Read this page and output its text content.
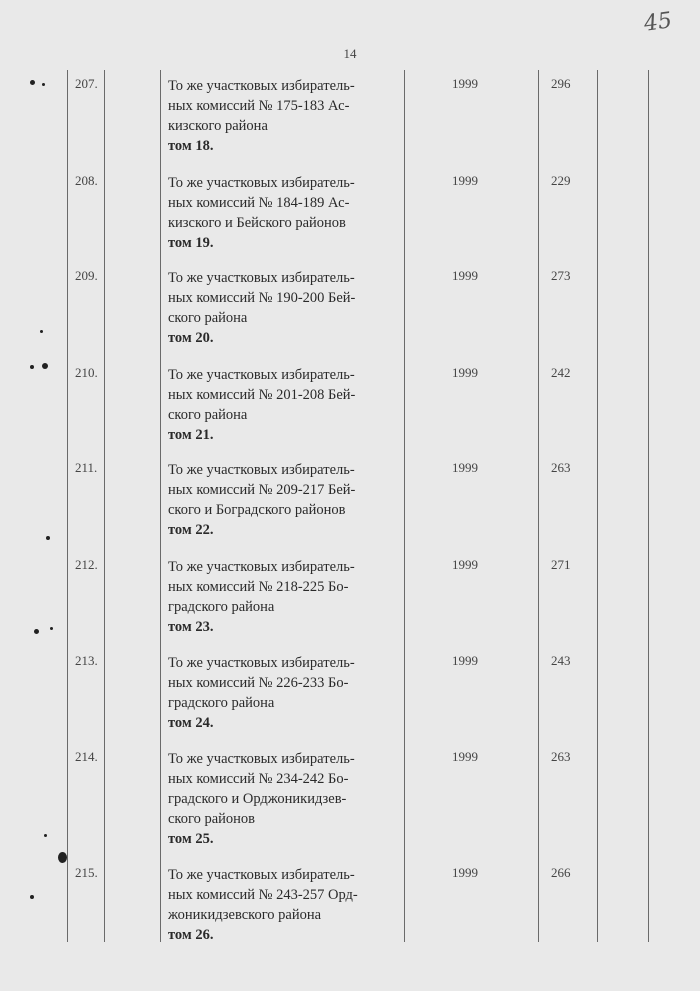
14
45
207.	То же участковых избиратель-
ных комиссий № 175-183 Ас-
кизского района
том 18.
1999	296
208.	То же участковых избиратель-
ных комиссий № 184-189 Ас-
кизского и Бейского районов
том 19.
1999	229
209.	То же участковых избиратель-
ных комиссий № 190-200 Бей-
ского района
том 20.
1999	273
210.	То же участковых избиратель-
ных комиссий № 201-208 Бей-
ского района
том 21.
1999	242
211.	То же участковых избиратель-
ных комиссий № 209-217 Бей-
ского и Боградского районов
том 22.
1999	263
212.	То же участковых избиратель-
ных комиссий № 218-225 Бо-
градского района
том 23.
1999	271
213.	То же участковых избиратель-
ных комиссий № 226-233 Бо-
градского района
том 24.
1999	243
214.	То же участковых избиратель-
ных комиссий № 234-242 Бо-
градского и Орджоникидзев-
ского районов
том 25.
1999	263
215.	То же участковых избиратель-
ных комиссий № 243-257 Орд-
жоникидзевского района
том 26.
1999	266
